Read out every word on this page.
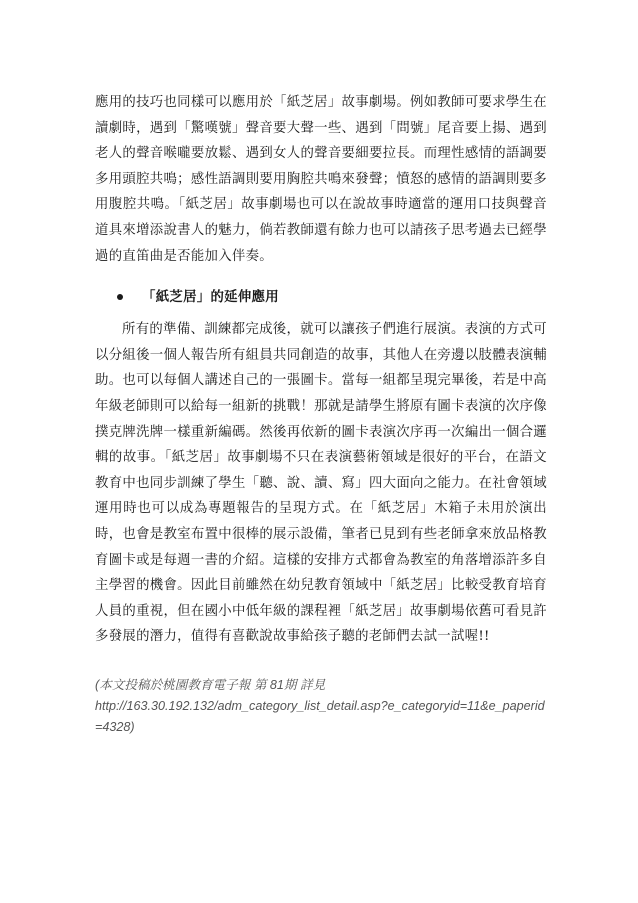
應用的技巧也同樣可以應用於「紙芝居」故事劇場。例如教師可要求學生在讀劇時，遇到「驚嘆號」聲音要大聲一些、遇到「問號」尾音要上揚、遇到老人的聲音喉嚨要放鬆、遇到女人的聲音要細要拉長。而理性感情的語調要多用頭腔共鳴；感性語調則要用胸腔共鳴來發聲；憤怒的感情的語調則要多用腹腔共鳴。「紙芝居」故事劇場也可以在說故事時適當的運用口技與聲音道具來增添說書人的魅力，倘若教師還有餘力也可以請孩子思考過去已經學過的直笛曲是否能加入伴奏。

「紙芝居」的延伸應用

所有的準備、訓練都完成後，就可以讓孩子們進行展演。表演的方式可以分組後一個人報告所有組員共同創造的故事，其他人在旁邊以肢體表演輔助。也可以每個人講述自己的一張圖卡。當每一組都呈現完畢後，若是中高年級老師則可以給每一組新的挑戰！那就是請學生將原有圖卡表演的次序像撲克牌洗牌一樣重新編碼。然後再依新的圖卡表演次序再一次編出一個合邏輯的故事。「紙芝居」故事劇場不只在表演藝術領域是很好的平台，在語文教育中也同步訓練了學生「聽、說、讀、寫」四大面向之能力。在社會領域運用時也可以成為專題報告的呈現方式。在「紙芝居」木箱子未用於演出時，也會是教室布置中很棒的展示設備，筆者已見到有些老師拿來放品格教育圖卡或是每週一書的介紹。這樣的安排方式都會為教室的角落增添許多自主學習的機會。因此目前雖然在幼兒教育領域中「紙芝居」比較受教育培育人員的重視，但在國小中低年級的課程裡「紙芝居」故事劇場依舊可看見許多發展的潛力，值得有喜歡說故事給孩子聽的老師們去試一試喔!!

(本文投稿於桃園教育電子報 第 81期 詳見
http://163.30.192.132/adm_category_list_detail.asp?e_categoryid=11&e_paperid=4328)
